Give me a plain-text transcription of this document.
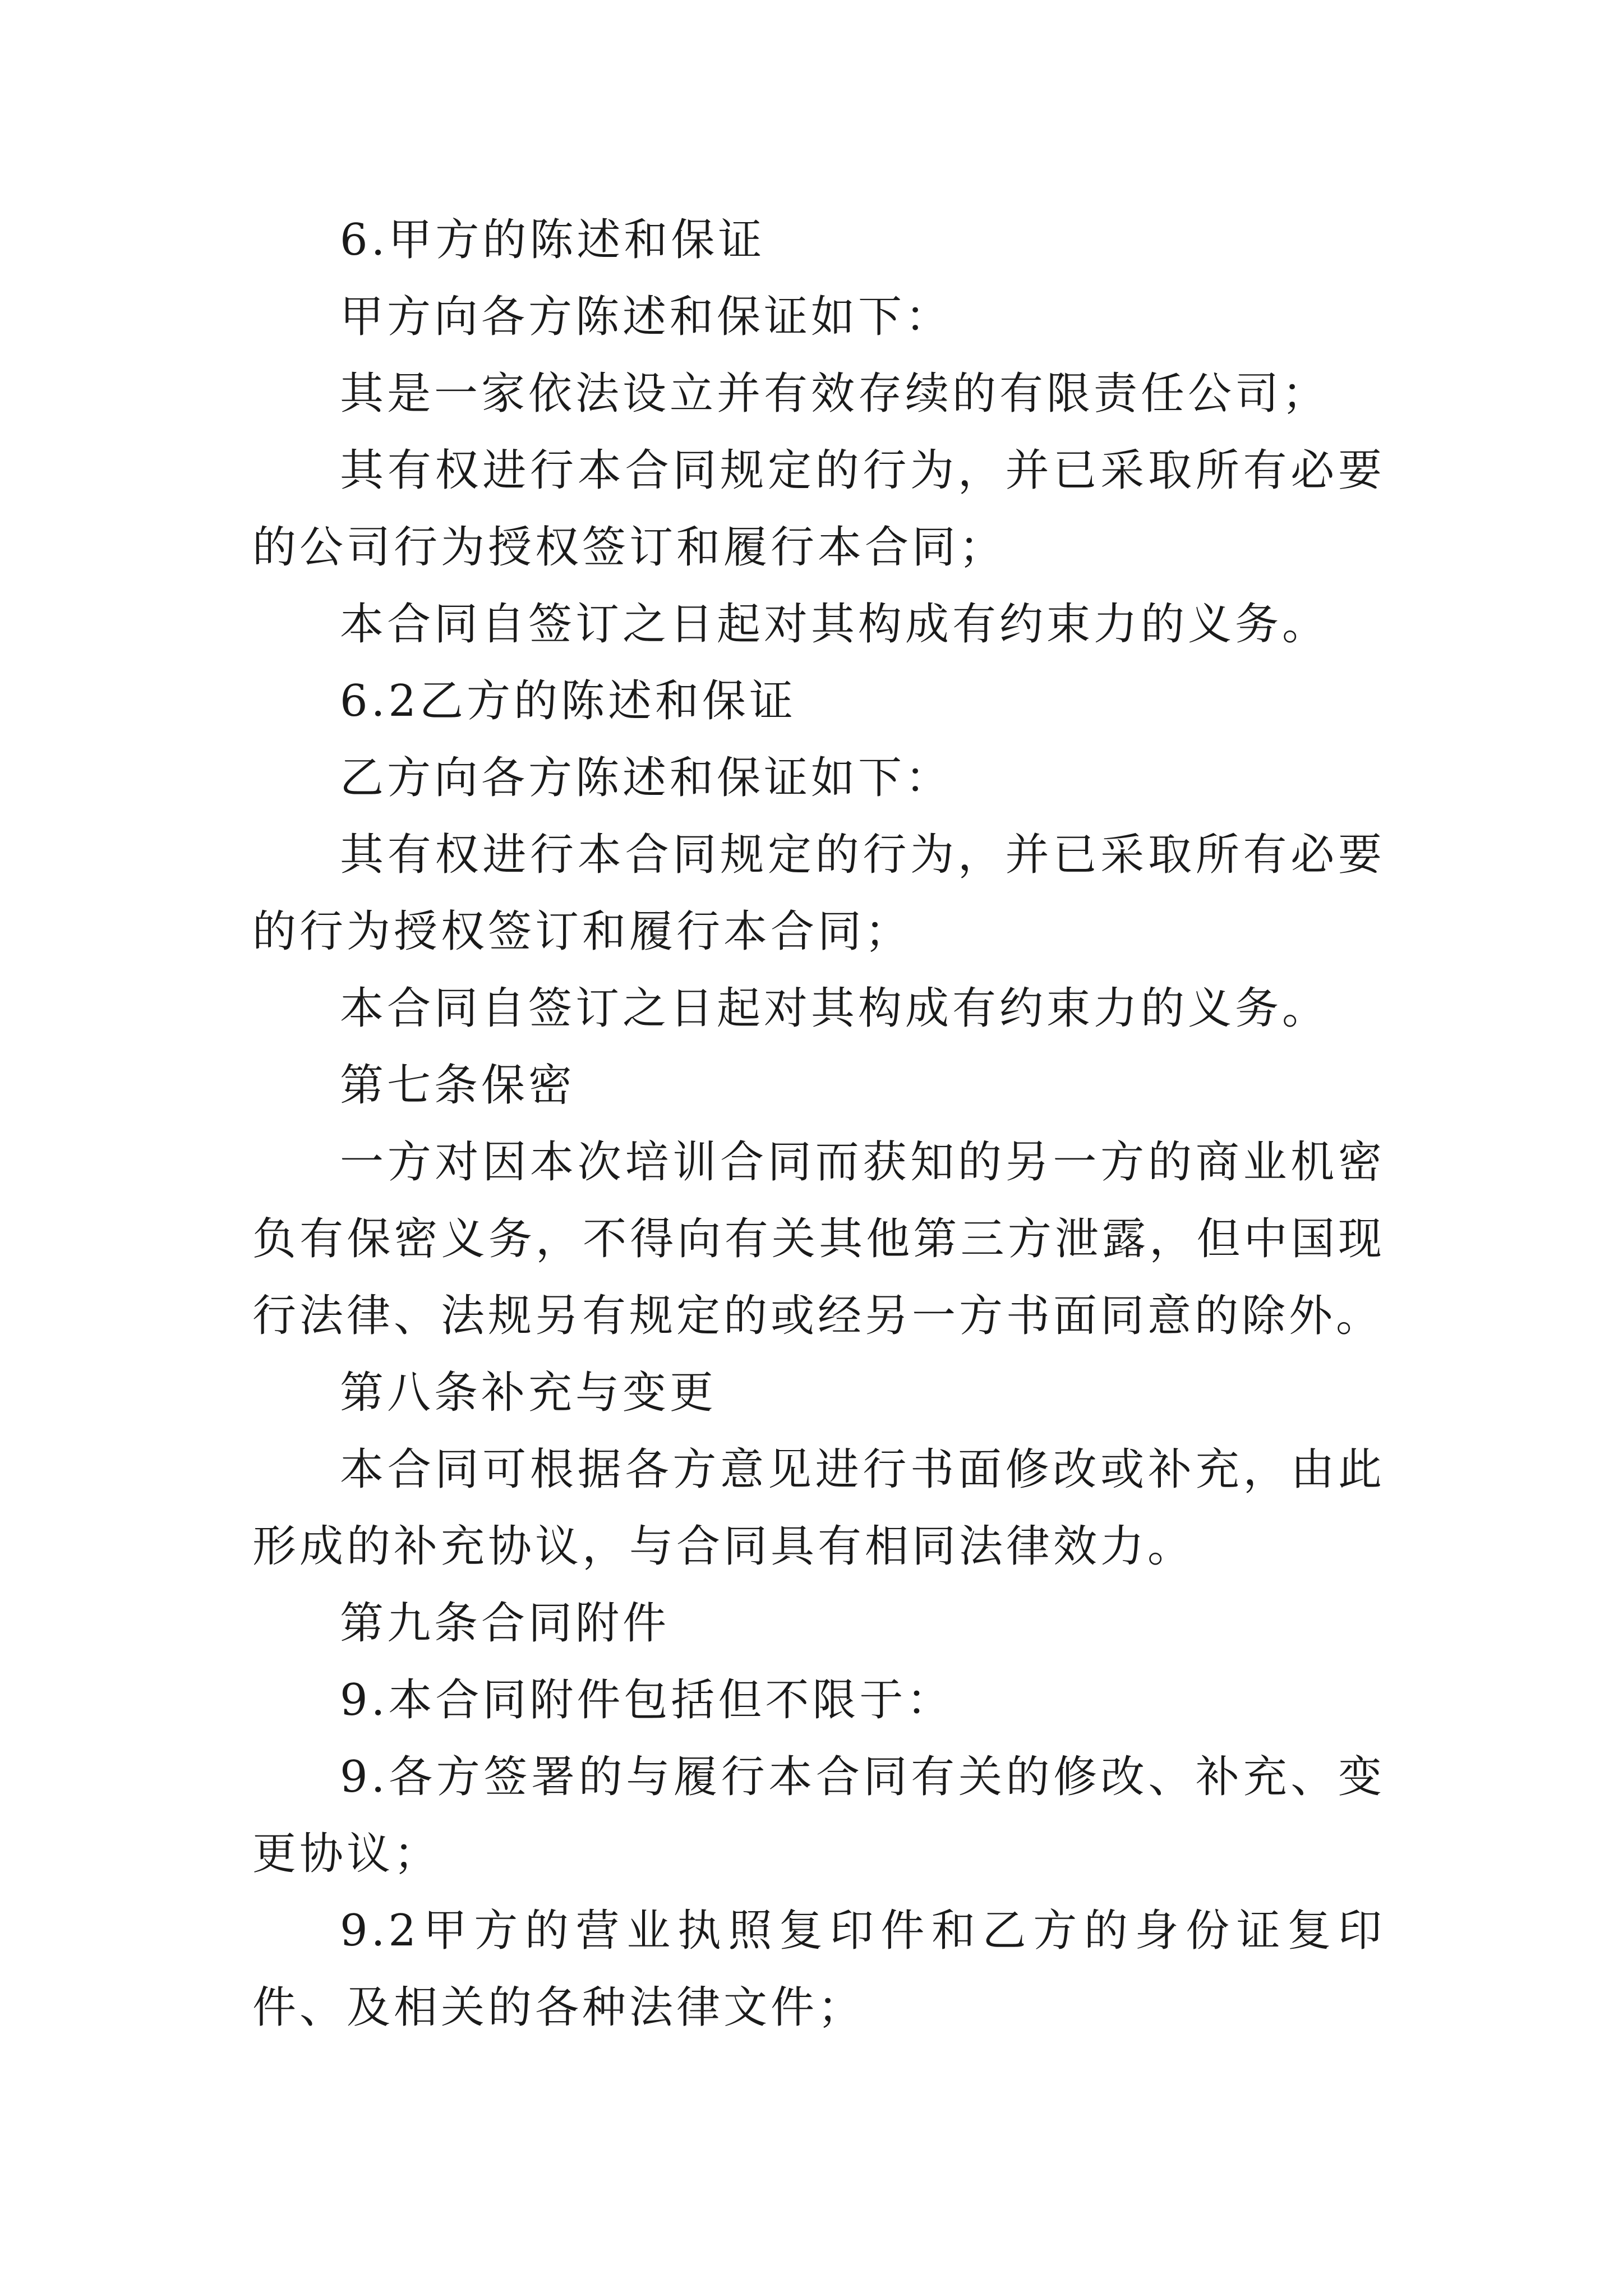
6.甲方的陈述和保证

甲方向各方陈述和保证如下：

其是一家依法设立并有效存续的有限责任公司；

其有权进行本合同规定的行为，并已采取所有必要的公司行为授权签订和履行本合同；

本合同自签订之日起对其构成有约束力的义务。

6.2乙方的陈述和保证

乙方向各方陈述和保证如下：

其有权进行本合同规定的行为，并已采取所有必要的行为授权签订和履行本合同；

本合同自签订之日起对其构成有约束力的义务。

第七条保密

一方对因本次培训合同而获知的另一方的商业机密负有保密义务，不得向有关其他第三方泄露，但中国现行法律、法规另有规定的或经另一方书面同意的除外。

第八条补充与变更

本合同可根据各方意见进行书面修改或补充，由此形成的补充协议，与合同具有相同法律效力。

第九条合同附件

9.本合同附件包括但不限于：

9.各方签署的与履行本合同有关的修改、补充、变更协议；

9.2甲方的营业执照复印件和乙方的身份证复印件、及相关的各种法律文件；
